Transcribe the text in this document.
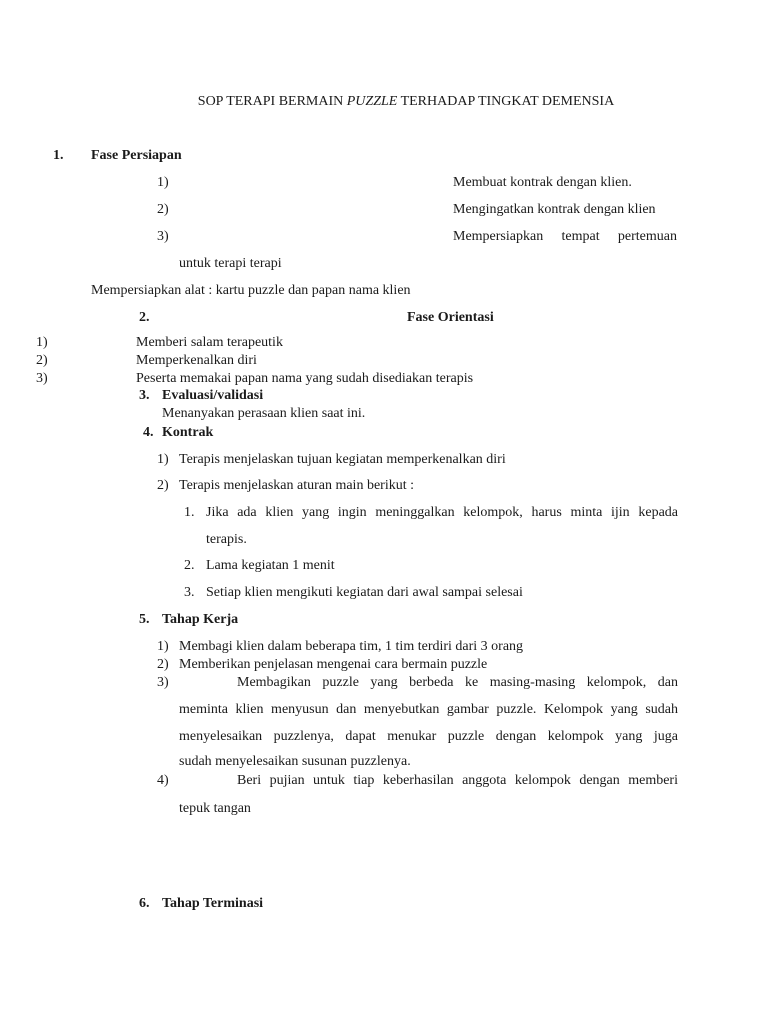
SOP TERAPI BERMAIN PUZZLE TERHADAP TINGKAT DEMENSIA
1. Fase Persiapan
1)	Membuat kontrak dengan klien.
2)	Mengingatkan kontrak dengan klien
3)	Mempersiapkan tempat pertemuan
untuk terapi terapi
Mempersiapkan alat : kartu puzzle dan papan nama klien
2.	Fase Orientasi
1)	Memberi salam terapeutik
2)	Memperkenalkan diri
3)	Peserta memakai papan nama yang sudah disediakan terapis
3. Evaluasi/validasi
Menanyakan perasaan klien saat ini.
4. Kontrak
1) Terapis menjelaskan tujuan kegiatan memperkenalkan diri
2) Terapis menjelaskan aturan main berikut :
1. Jika ada klien yang ingin meninggalkan kelompok, harus minta ijin kepada
terapis.
2. Lama kegiatan 1 menit
3. Setiap klien mengikuti kegiatan dari awal sampai selesai
5. Tahap Kerja
1) Membagi klien dalam beberapa tim, 1 tim terdiri dari 3 orang
2) Memberikan penjelasan mengenai cara bermain puzzle
3)	Membagikan puzzle yang berbeda ke masing-masing kelompok, dan
meminta klien menyusun dan menyebutkan gambar puzzle. Kelompok yang sudah
menyelesaikan puzzlenya, dapat menukar puzzle dengan kelompok yang juga
sudah menyelesaikan susunan puzzlenya.
4)	Beri pujian untuk tiap keberhasilan anggota kelompok dengan memberi
tepuk tangan
6. Tahap Terminasi
